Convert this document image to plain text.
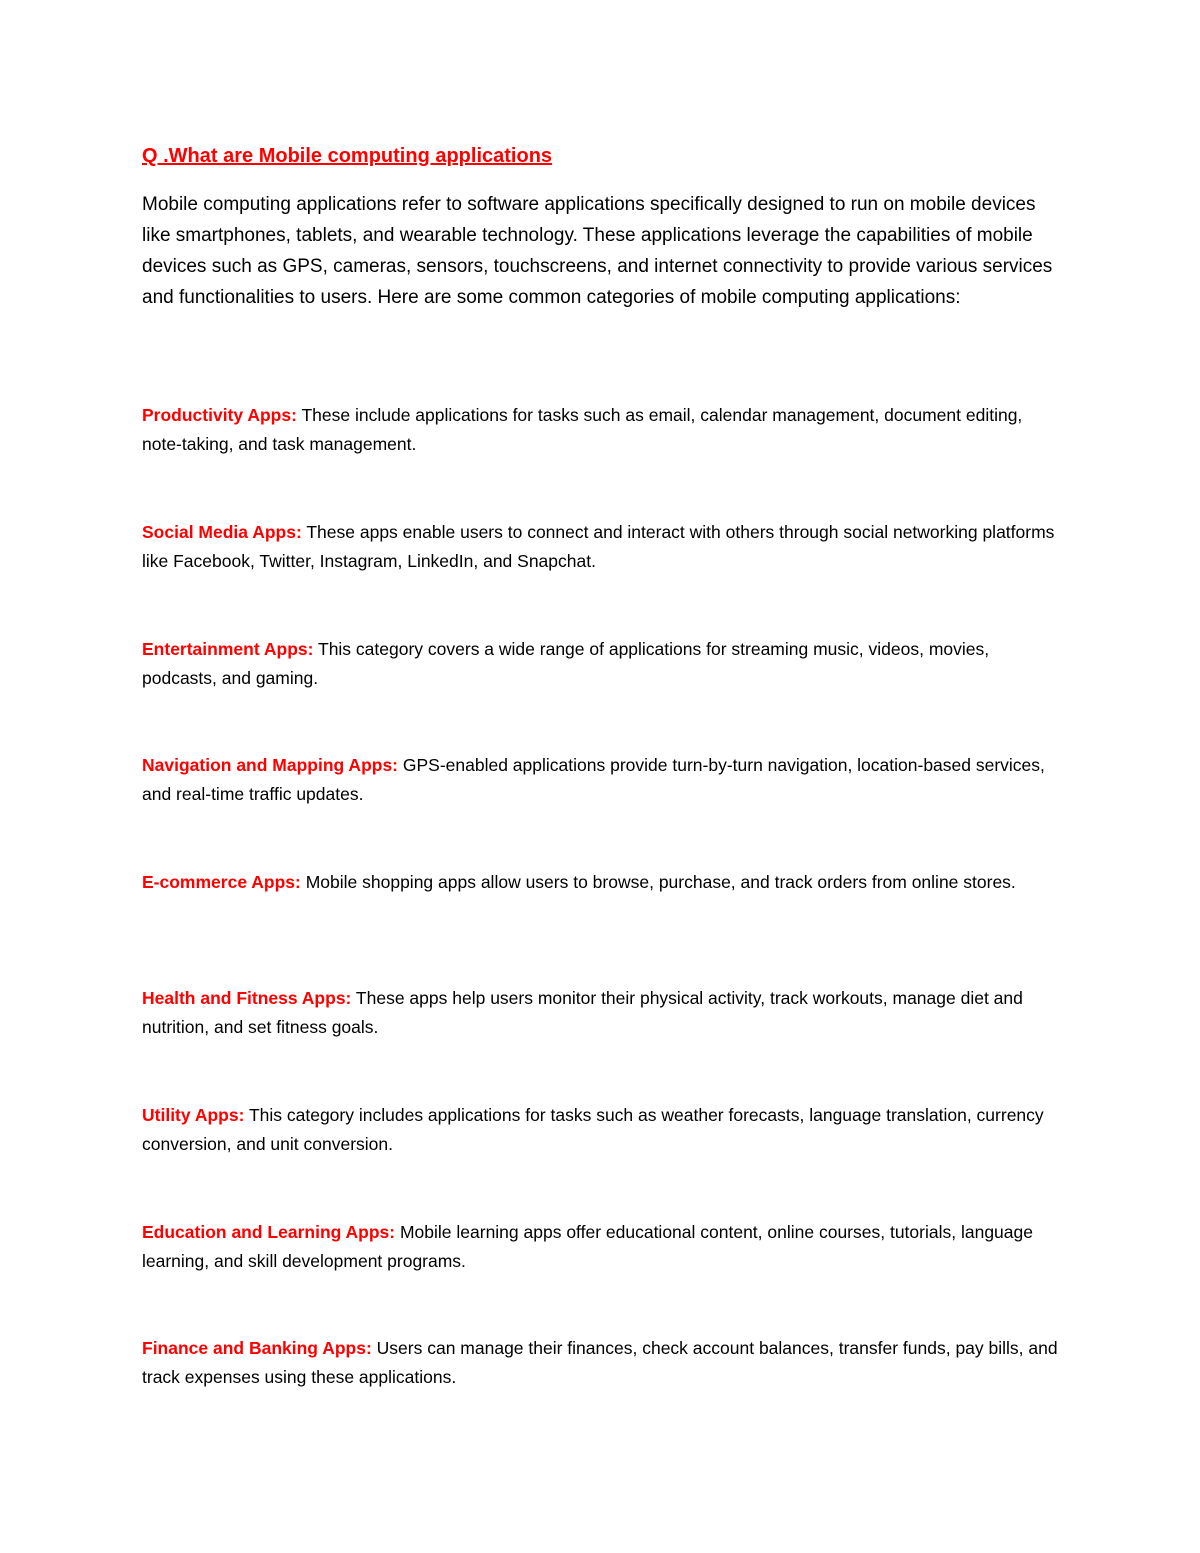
Q .What are Mobile computing applications

Mobile computing applications refer to software applications specifically designed to run on mobile devices like smartphones, tablets, and wearable technology. These applications leverage the capabilities of mobile devices such as GPS, cameras, sensors, touchscreens, and internet connectivity to provide various services and functionalities to users. Here are some common categories of mobile computing applications:

Productivity Apps: These include applications for tasks such as email, calendar management, document editing, note-taking, and task management.

Social Media Apps: These apps enable users to connect and interact with others through social networking platforms like Facebook, Twitter, Instagram, LinkedIn, and Snapchat.

Entertainment Apps: This category covers a wide range of applications for streaming music, videos, movies, podcasts, and gaming.

Navigation and Mapping Apps: GPS-enabled applications provide turn-by-turn navigation, location-based services, and real-time traffic updates.

E-commerce Apps: Mobile shopping apps allow users to browse, purchase, and track orders from online stores.

Health and Fitness Apps: These apps help users monitor their physical activity, track workouts, manage diet and nutrition, and set fitness goals.

Utility Apps: This category includes applications for tasks such as weather forecasts, language translation, currency conversion, and unit conversion.

Education and Learning Apps: Mobile learning apps offer educational content, online courses, tutorials, language learning, and skill development programs.

Finance and Banking Apps: Users can manage their finances, check account balances, transfer funds, pay bills, and track expenses using these applications.
